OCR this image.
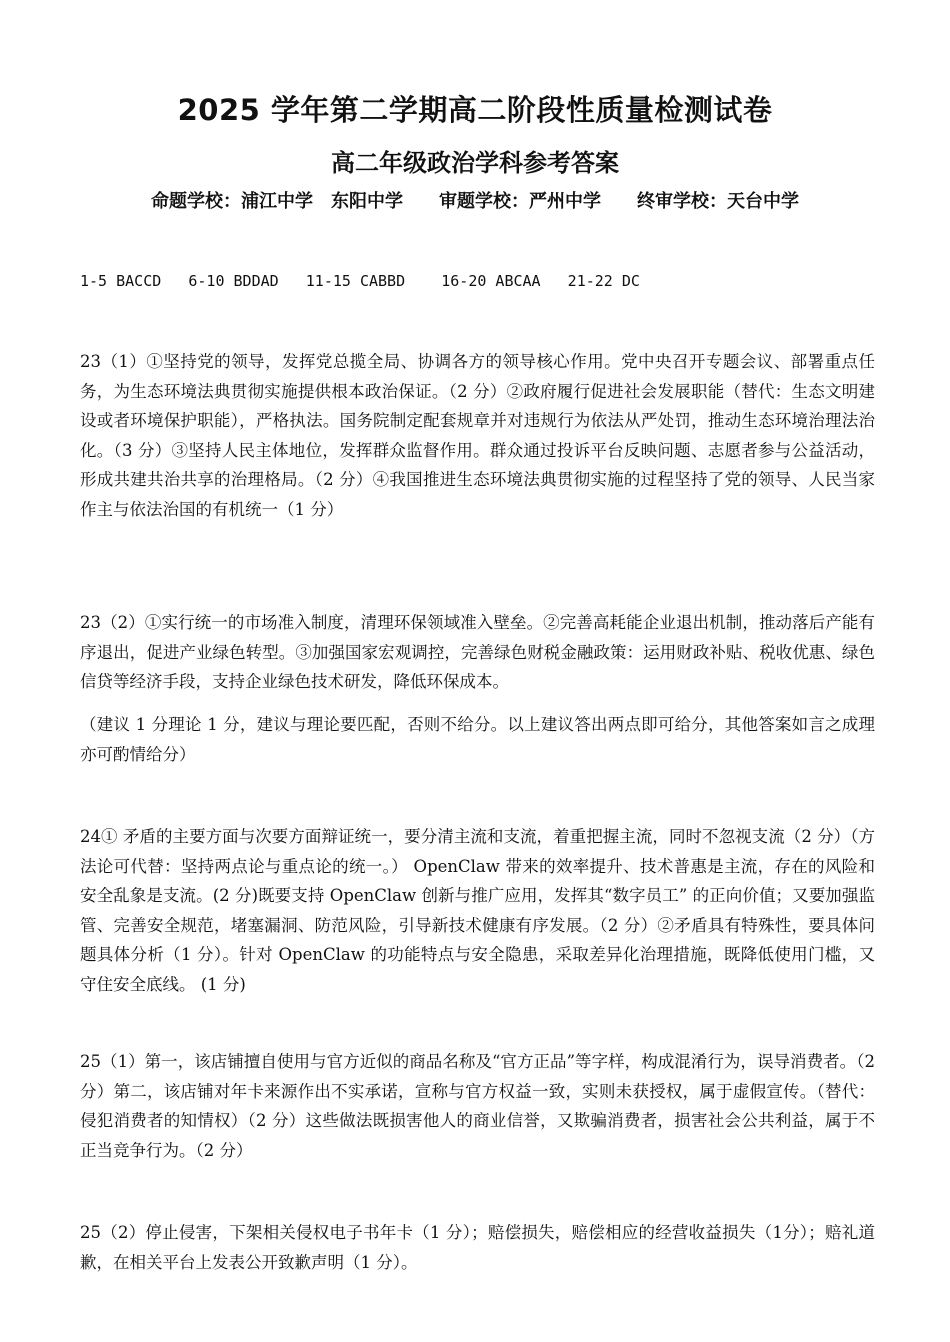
2025 学年第二学期高二阶段性质量检测试卷
高二年级政治学科参考答案
命题学校：浦江中学　东阳中学　　审题学校：严州中学　　终审学校：天台中学
1-5 BACCD   6-10 BDDAD   11-15 CABBD    16-20 ABCAA   21-22 DC

23（1）①坚持党的领导，发挥党总揽全局、协调各方的领导核心作用。党中央召开专题会议、部署重点任务，为生态环境法典贯彻实施提供根本政治保证。（2 分）②政府履行促进社会发展职能（替代：生态文明建设或者环境保护职能），严格执法。国务院制定配套规章并对违规行为依法从严处罚，推动生态环境治理法治化。（3 分）③坚持人民主体地位，发挥群众监督作用。群众通过投诉平台反映问题、志愿者参与公益活动，形成共建共治共享的治理格局。（2 分）④我国推进生态环境法典贯彻实施的过程坚持了党的领导、人民当家作主与依法治国的有机统一（1 分）

23（2）①实行统一的市场准入制度，清理环保领域准入壁垒。②完善高耗能企业退出机制，推动落后产能有序退出，促进产业绿色转型。③加强国家宏观调控，完善绿色财税金融政策：运用财政补贴、税收优惠、绿色信贷等经济手段，支持企业绿色技术研发，降低环保成本。

（建议 1 分理论 1 分，建议与理论要匹配，否则不给分。以上建议答出两点即可给分，其他答案如言之成理亦可酌情给分）

24① 矛盾的主要方面与次要方面辩证统一，要分清主流和支流，着重把握主流，同时不忽视支流（2 分）（方法论可代替：坚持两点论与重点论的统一。） OpenClaw 带来的效率提升、技术普惠是主流，存在的风险和安全乱象是支流。(2 分)既要支持 OpenClaw 创新与推广应用，发挥其“数字员工” 的正向价值；又要加强监管、完善安全规范，堵塞漏洞、防范风险，引导新技术健康有序发展。（2 分）②矛盾具有特殊性，要具体问题具体分析（1 分）。针对 OpenClaw 的功能特点与安全隐患，采取差异化治理措施，既降低使用门槛，又守住安全底线。 (1 分)

25（1）第一，该店铺擅自使用与官方近似的商品名称及“官方正品”等字样，构成混淆行为，误导消费者。（2 分）第二，该店铺对年卡来源作出不实承诺，宣称与官方权益一致，实则未获授权，属于虚假宣传。（替代：侵犯消费者的知情权）（2 分）这些做法既损害他人的商业信誉，又欺骗消费者，损害社会公共利益，属于不正当竞争行为。（2 分）

25（2）停止侵害，下架相关侵权电子书年卡（1 分）；赔偿损失，赔偿相应的经营收益损失（1分）；赔礼道歉，在相关平台上发表公开致歉声明（1 分）。
